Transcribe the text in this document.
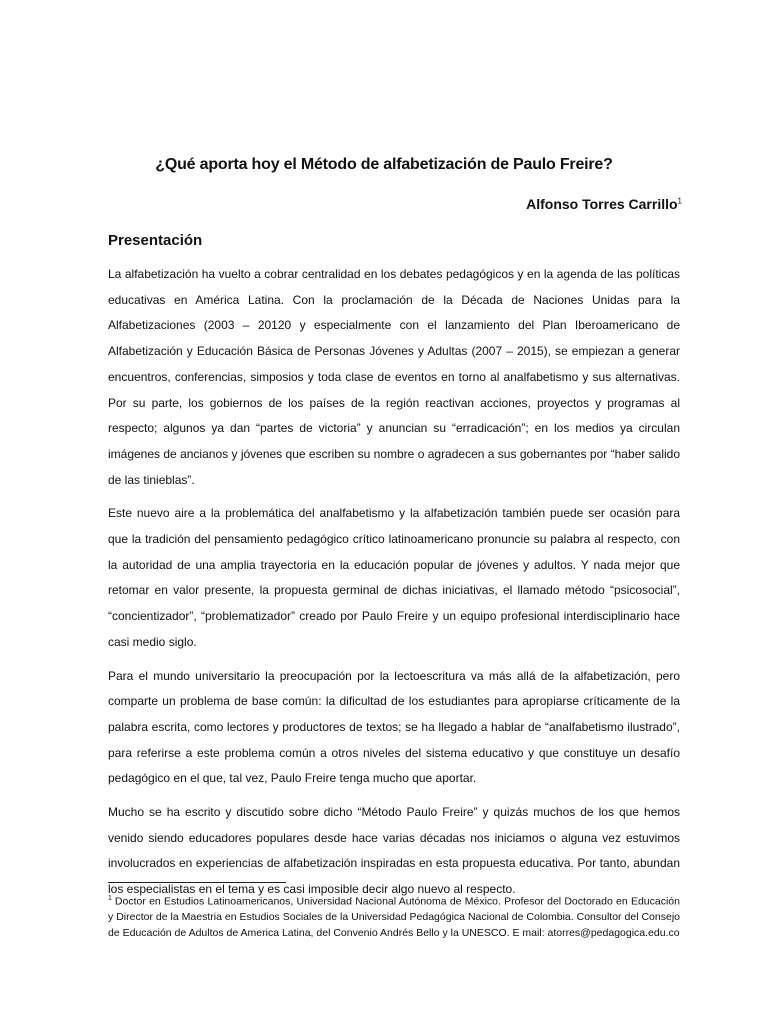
¿Qué aporta hoy el Método de alfabetización de Paulo Freire?

Alfonso Torres Carrillo$^1$

Presentación

La alfabetización ha vuelto a cobrar centralidad en los debates pedagógicos y en la agenda de las políticas educativas en América Latina. Con la proclamación de la Década de Naciones Unidas para la Alfabetizaciones (2003 – 20120 y especialmente con el lanzamiento del Plan Iberoamericano de Alfabetización y Educación Básica de Personas Jóvenes y Adultas (2007 – 2015), se empiezan a generar encuentros, conferencias, simposios y toda clase de eventos en torno al analfabetismo y sus alternativas. Por su parte, los gobiernos de los países de la región reactivan acciones, proyectos y programas al respecto; algunos ya dan “partes de victoria” y anuncian su “erradicación”; en los medios ya circulan imágenes de ancianos y jóvenes que escriben su nombre o agradecen a sus gobernantes por “haber salido de las tinieblas”.

Este nuevo aire a la problemática del analfabetismo y la alfabetización también puede ser ocasión para que la tradición del pensamiento pedagógico crítico latinoamericano pronuncie su palabra al respecto, con la autoridad de una amplia trayectoria en la educación popular de jóvenes y adultos. Y nada mejor que retomar en valor presente, la propuesta germinal de dichas iniciativas, el llamado método “psicosocial”, “concientizador”, “problematizador” creado por Paulo Freire y un equipo profesional interdisciplinario hace casi medio siglo.

Para el mundo universitario la preocupación por la lectoescritura va más allá de la alfabetización, pero comparte un problema de base común: la dificultad de los estudiantes para apropiarse críticamente de la palabra escrita, como lectores y productores de textos; se ha llegado a hablar de “analfabetismo ilustrado”, para referirse a este problema común a otros niveles del sistema educativo y que constituye un desafío pedagógico en el que, tal vez, Paulo Freire tenga mucho que aportar.

Mucho se ha escrito y discutido sobre dicho “Método Paulo Freire” y quizás muchos de los que hemos venido siendo educadores populares desde hace varias décadas nos iniciamos o alguna vez estuvimos involucrados en experiencias de alfabetización inspiradas en esta propuesta educativa. Por tanto, abundan los especialistas en el tema y es casi imposible decir algo nuevo al respecto.

$^1$ Doctor en Estudios Latinoamericanos, Universidad Nacional Autónoma de México. Profesor del Doctorado en Educación y Director de la Maestria en Estudios Sociales de la Universidad Pedagógica Nacional de Colombia. Consultor del Consejo de Educación de Adultos de America Latina, del Convenio Andrés Bello y la UNESCO. E mail: atorres@pedagogica.edu.co
